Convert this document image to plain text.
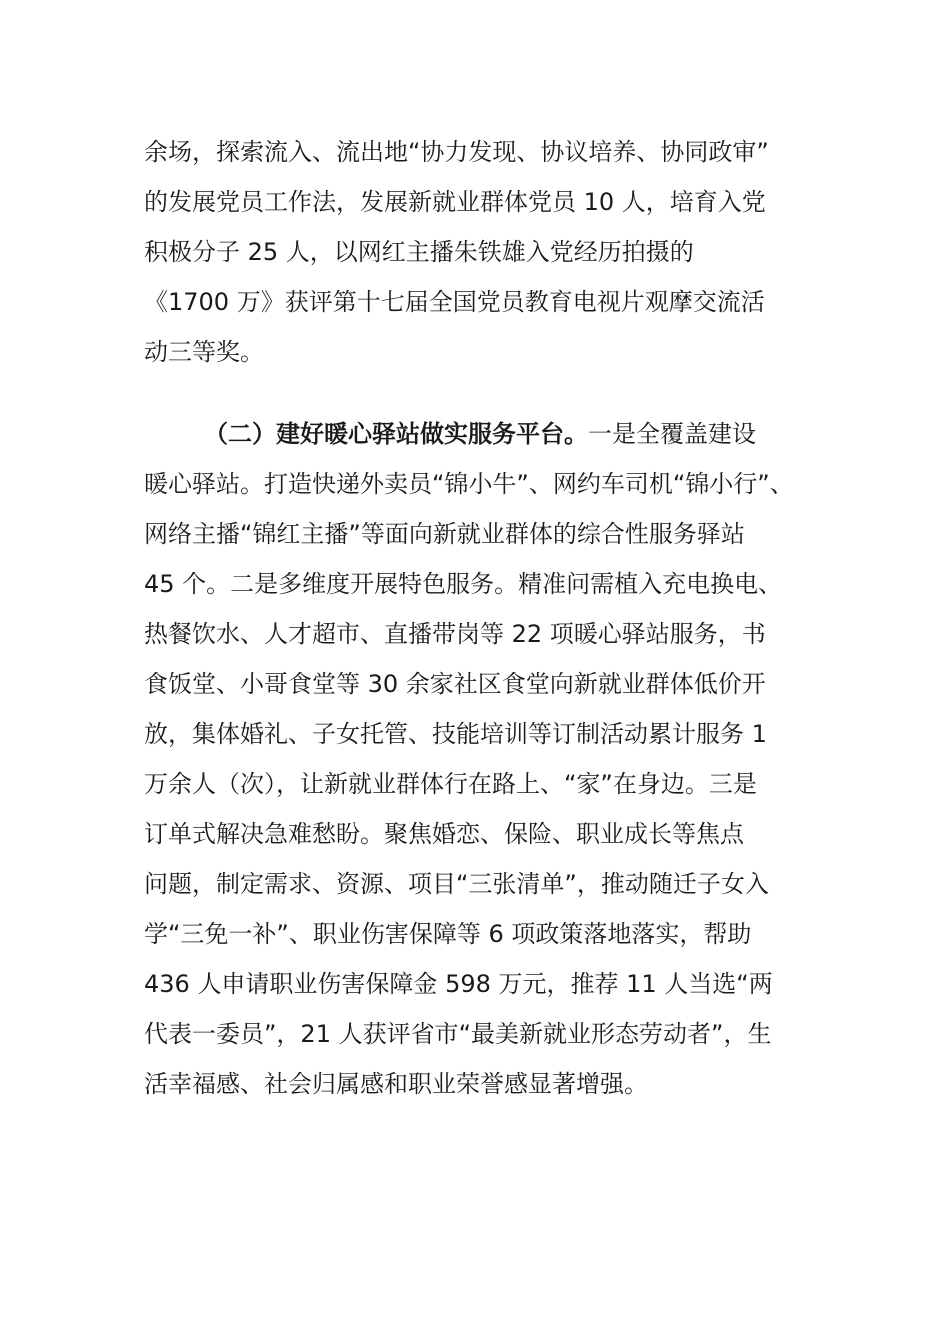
余场，探索流入、流出地“协力发现、协议培养、协同政审”
的发展党员工作法，发展新就业群体党员 10 人，培育入党
积极分子 25 人，以网红主播朱铁雄入党经历拍摄的
《1700 万》获评第十七届全国党员教育电视片观摩交流活
动三等奖。
（二）建好暖心驿站做实服务平台。一是全覆盖建设
暖心驿站。打造快递外卖员“锦小牛”、网约车司机“锦小行”、
网络主播“锦红主播”等面向新就业群体的综合性服务驿站
45 个。二是多维度开展特色服务。精准问需植入充电换电、
热餐饮水、人才超市、直播带岗等 22 项暖心驿站服务，书
食饭堂、小哥食堂等 30 余家社区食堂向新就业群体低价开
放，集体婚礼、子女托管、技能培训等订制活动累计服务 1
万余人（次），让新就业群体行在路上、“家”在身边。三是
订单式解决急难愁盼。聚焦婚恋、保险、职业成长等焦点
问题，制定需求、资源、项目“三张清单”，推动随迁子女入
学“三免一补”、职业伤害保障等 6 项政策落地落实，帮助
436 人申请职业伤害保障金 598 万元，推荐 11 人当选“两
代表一委员”，21 人获评省市“最美新就业形态劳动者”，生
活幸福感、社会归属感和职业荣誉感显著增强。
